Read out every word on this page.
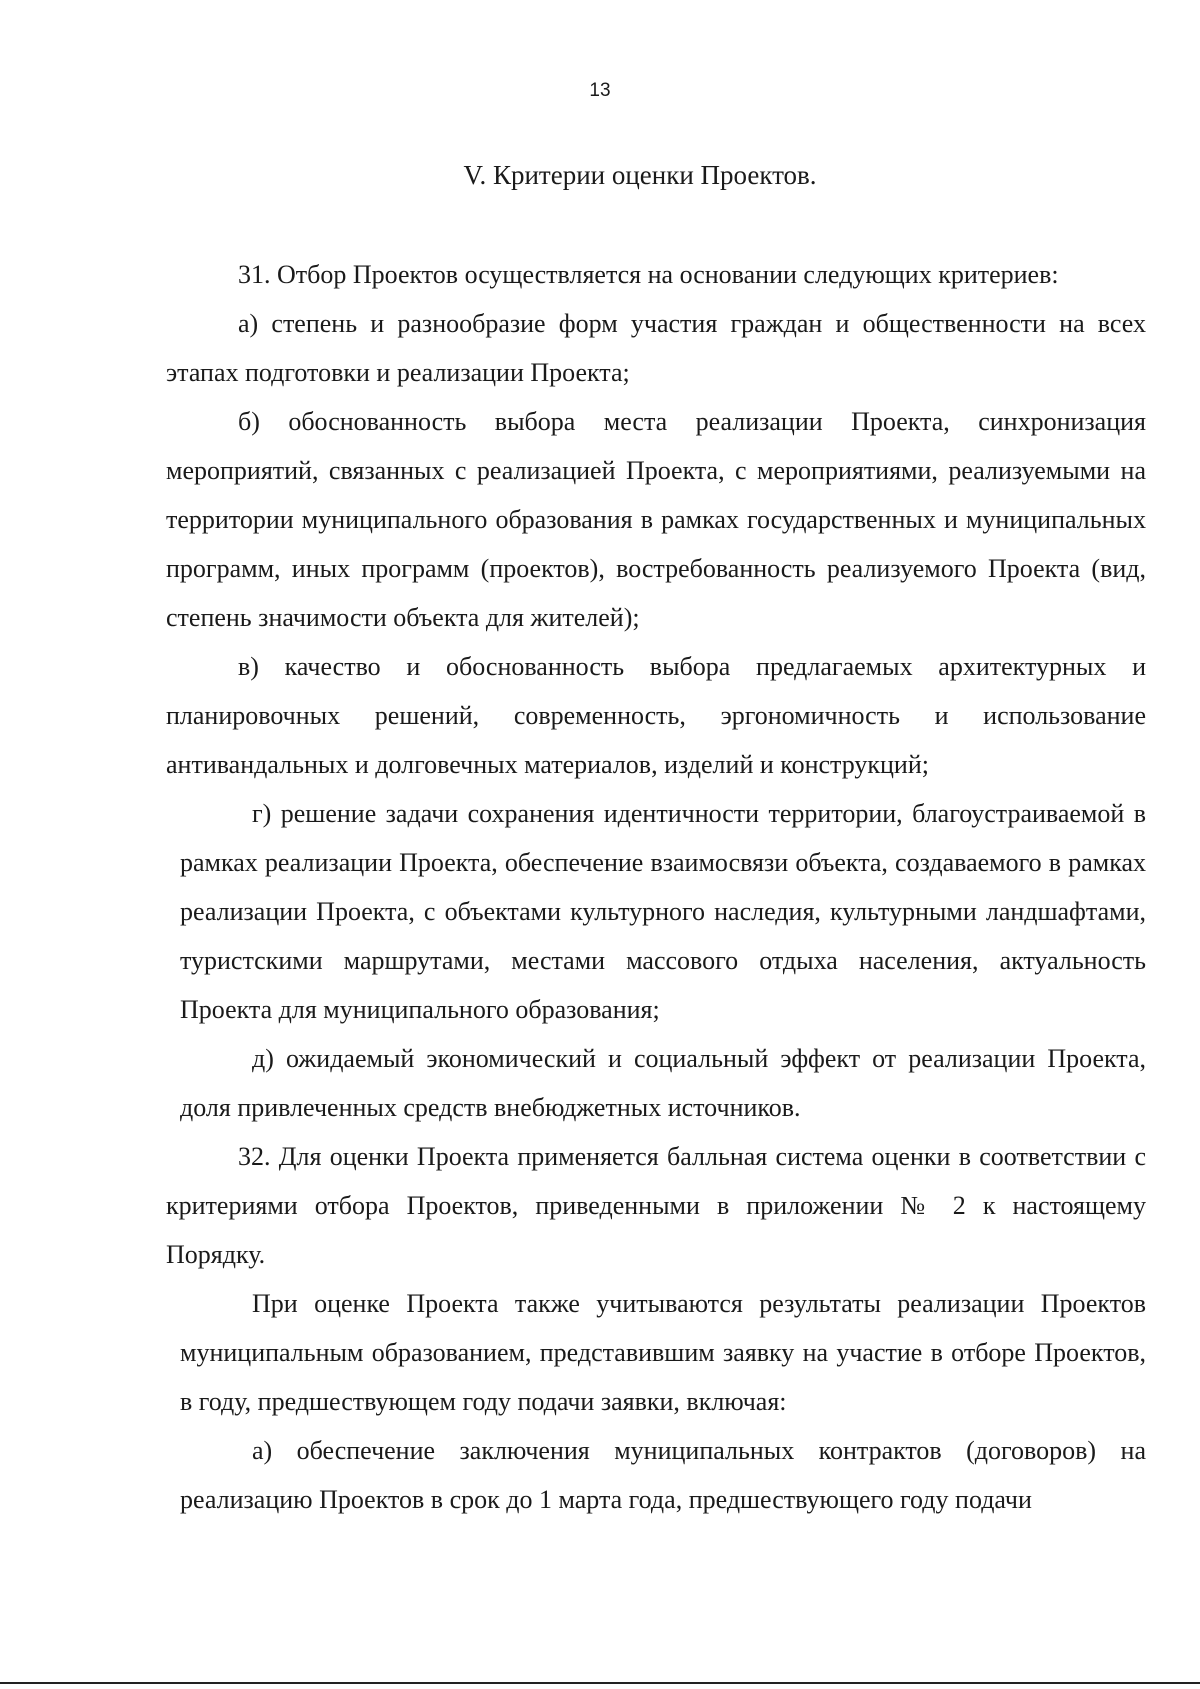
13
V. Критерии оценки Проектов.

31. Отбор Проектов осуществляется на основании следующих критериев:

а) степень и разнообразие форм участия граждан и общественности на всех этапах подготовки и реализации Проекта;

б) обоснованность выбора места реализации Проекта, синхронизация мероприятий, связанных с реализацией Проекта, с мероприятиями, реализуемыми на территории муниципального образования в рамках государственных и муниципальных программ, иных программ (проектов), востребованность реализуемого Проекта (вид, степень значимости объекта для жителей);

в) качество и обоснованность выбора предлагаемых архитектурных и планировочных решений, современность, эргономичность и использование антивандальных и долговечных материалов, изделий и конструкций;

г) решение задачи сохранения идентичности территории, благоустраиваемой в рамках реализации Проекта, обеспечение взаимосвязи объекта, создаваемого в рамках реализации Проекта, с объектами культурного наследия, культурными ландшафтами, туристскими маршрутами, местами массового отдыха населения, актуальность Проекта для муниципального образования;

д) ожидаемый экономический и социальный эффект от реализации Проекта, доля привлеченных средств внебюджетных источников.

32. Для оценки Проекта применяется балльная система оценки в соответствии с критериями отбора Проектов, приведенными в приложении № 2 к настоящему Порядку.

При оценке Проекта также учитываются результаты реализации Проектов муниципальным образованием, представившим заявку на участие в отборе Проектов, в году, предшествующем году подачи заявки, включая:

а) обеспечение заключения муниципальных контрактов (договоров) на реализацию Проектов в срок до 1 марта года, предшествующего году подачи
